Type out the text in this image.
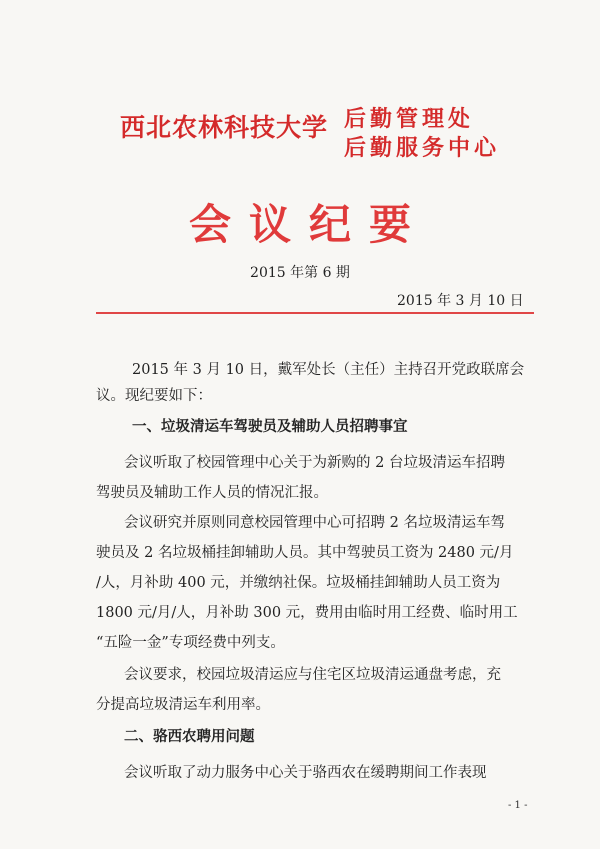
西北农林科技大学 后勤管理处
后勤服务中心
会议纪要
2015 年第 6 期
2015 年 3 月 10 日
2015 年 3 月 10 日，戴军处长（主任）主持召开党政联席会
议。现纪要如下：
一、垃圾清运车驾驶员及辅助人员招聘事宜
会议听取了校园管理中心关于为新购的 2 台垃圾清运车招聘
驾驶员及辅助工作人员的情况汇报。
会议研究并原则同意校园管理中心可招聘 2 名垃圾清运车驾
驶员及 2 名垃圾桶挂卸辅助人员。其中驾驶员工资为 2480 元/月
/人，月补助 400 元，并缴纳社保。垃圾桶挂卸辅助人员工资为
1800 元/月/人，月补助 300 元，费用由临时用工经费、临时用工
“五险一金”专项经费中列支。
会议要求，校园垃圾清运应与住宅区垃圾清运通盘考虑，充
分提高垃圾清运车利用率。
二、骆西农聘用问题
会议听取了动力服务中心关于骆西农在缓聘期间工作表现
- 1 -
